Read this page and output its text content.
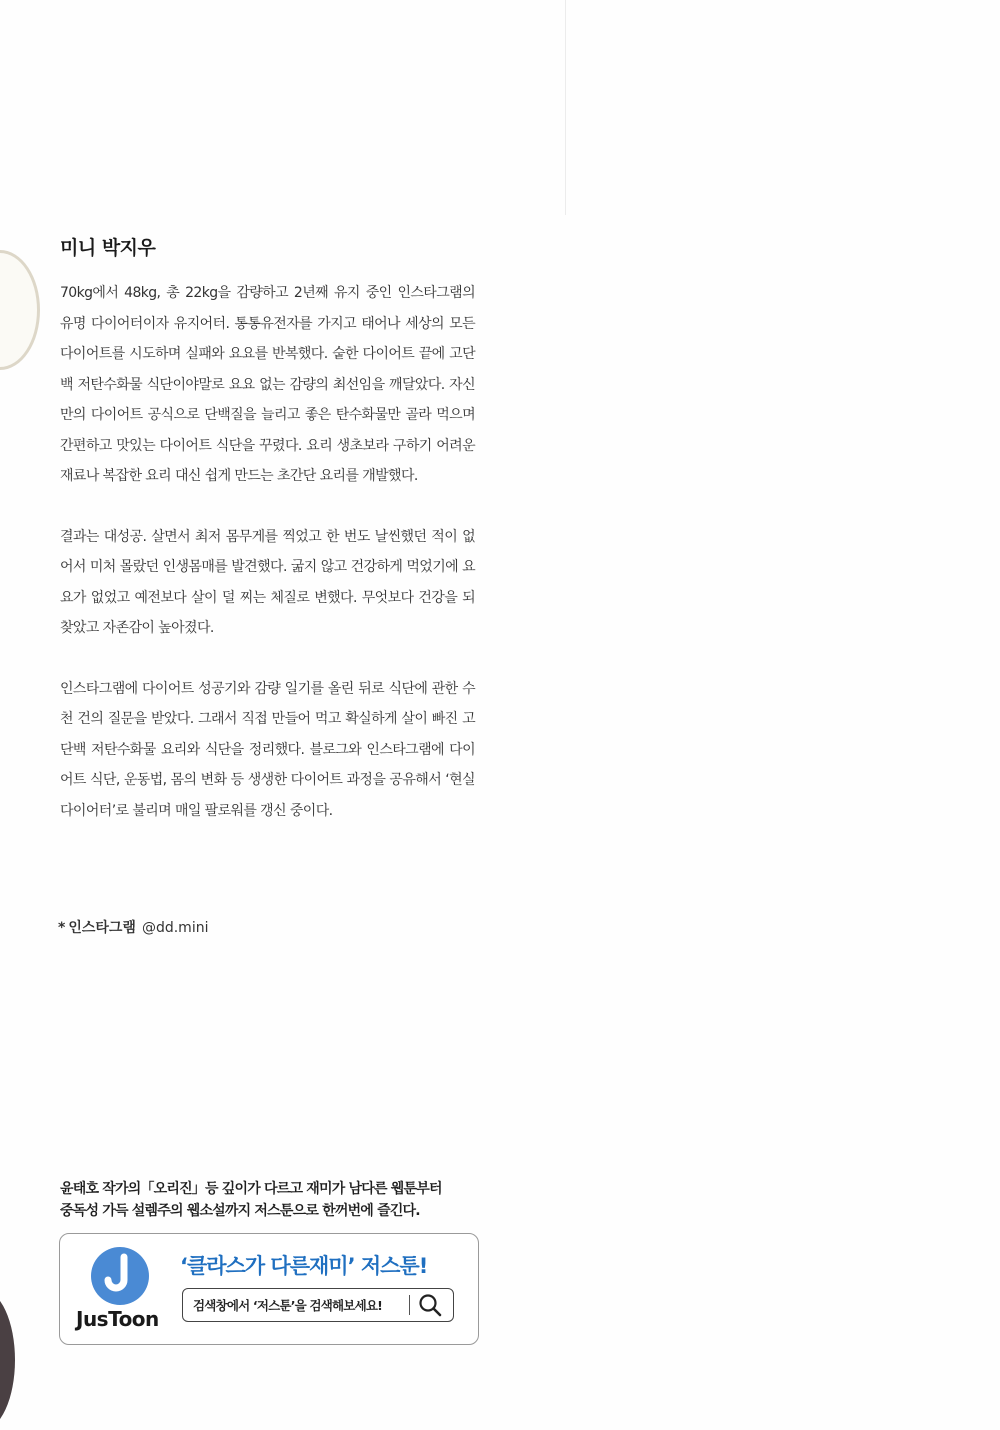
미니 박지우

70kg에서 48kg, 총 22kg을 감량하고 2년째 유지 중인 인스타그램의 유명 다이어터이자 유지어터. 통통유전자를 가지고 태어나 세상의 모든 다이어트를 시도하며 실패와 요요를 반복했다. 숱한 다이어트 끝에 고단백 저탄수화물 식단이야말로 요요 없는 감량의 최선임을 깨달았다. 자신만의 다이어트 공식으로 단백질을 늘리고 좋은 탄수화물만 골라 먹으며 간편하고 맛있는 다이어트 식단을 꾸렸다. 요리 생초보라 구하기 어려운 재료나 복잡한 요리 대신 쉽게 만드는 초간단 요리를 개발했다.

결과는 대성공. 살면서 최저 몸무게를 찍었고 한 번도 날씬했던 적이 없어서 미처 몰랐던 인생몸매를 발견했다. 굶지 않고 건강하게 먹었기에 요요가 없었고 예전보다 살이 덜 찌는 체질로 변했다. 무엇보다 건강을 되찾았고 자존감이 높아졌다.

인스타그램에 다이어트 성공기와 감량 일기를 올린 뒤로 식단에 관한 수천 건의 질문을 받았다. 그래서 직접 만들어 먹고 확실하게 살이 빠진 고단백 저탄수화물 요리와 식단을 정리했다. 블로그와 인스타그램에 다이어트 식단, 운동법, 몸의 변화 등 생생한 다이어트 과정을 공유해서 ‘현실 다이어터’로 불리며 매일 팔로워를 갱신 중이다.

* 인스타그램 @dd.mini
윤태호 작가의「오리진」등 깊이가 다르고 재미가 남다른 웹툰부터
중독성 가득 설렘주의 웹소설까지 저스툰으로 한꺼번에 즐긴다.
JusToon
‘클라스가 다른재미’ 저스툰!
검색창에서 ‘저스툰’을 검색해보세요!
